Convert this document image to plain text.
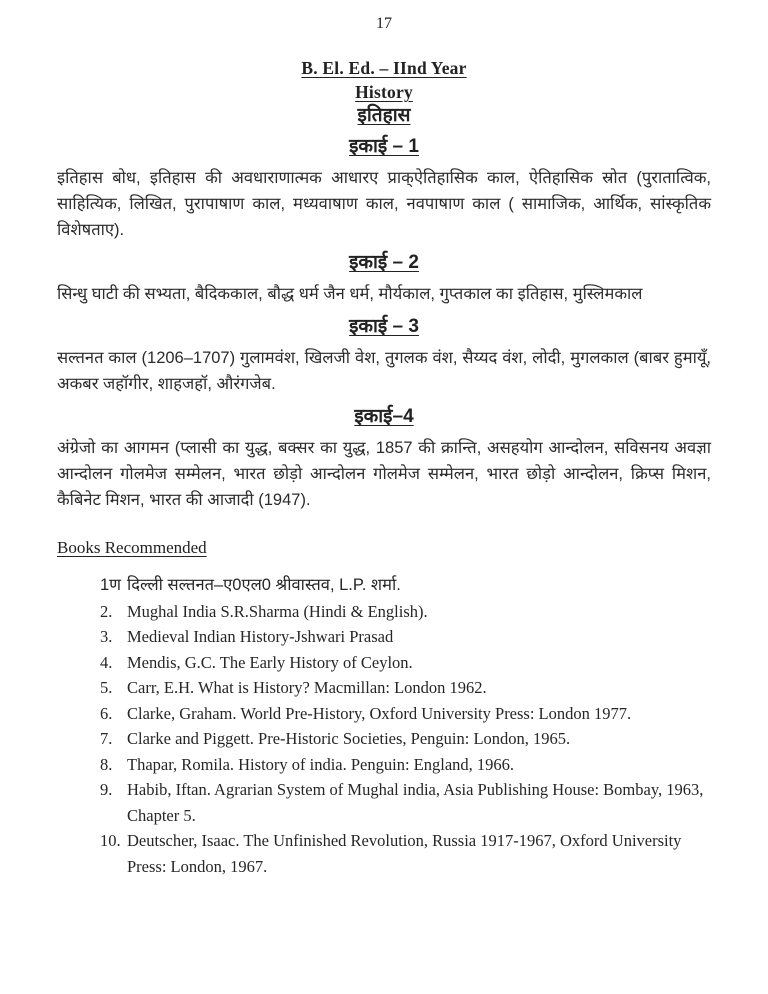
17
B. El. Ed. – IInd Year
History
इतिहास
इकाई – 1

इतिहास बोध, इतिहास की अवधाराणात्मक आधारए प्राक्ऐतिहासिक काल, ऐतिहासिक स्रोत (पुरातात्विक, साहित्यिक, लिखित, पुरापाषाण काल, मध्यवाषाण काल, नवपाषाण काल ( सामाजिक, आर्थिक, सांस्कृतिक विशेषताए).

इकाई – 2

सिन्धु घाटी की सभ्यता, बैदिककाल, बौद्ध धर्म जैन धर्म, मौर्यकाल, गुप्तकाल का इतिहास, मुस्लिमकाल

इकाई – 3

सल्तनत काल (1206–1707) गुलामवंश, खिलजी वेश, तुगलक वंश, सैय्यद वंश, लोदी, मुगलकाल (बाबर हुमायूँ, अकबर जहॉगीर, शाहजहॉ, औरंगजेब.

इकाई–4

अंग्रेजो का आगमन (प्लासी का युद्ध, बक्सर का युद्ध, 1857 की क्रान्ति, असहयोग आन्दोलन, सविसनय अवज्ञा आन्दोलन गोलमेज सम्मेलन, भारत छोड़ो आन्दोलन गोलमेज सम्मेलन, भारत छोड़ो आन्दोलन, क्रिप्स मिशन, कैबिनेट मिशन, भारत की आजादी (1947).

Books Recommended
1ण दिल्ली सल्तनत–ए0एल0 श्रीवास्तव, L.P. शर्मा.
2. Mughal India S.R.Sharma (Hindi & English).
3. Medieval Indian History-Jshwari Prasad
4. Mendis, G.C. The Early History of Ceylon.
5. Carr, E.H. What is History? Macmillan: London 1962.
6. Clarke, Graham. World Pre-History, Oxford University Press: London 1977.
7. Clarke and Piggett. Pre-Historic Societies, Penguin: London, 1965.
8. Thapar, Romila. History of india. Penguin: England, 1966.
9. Habib, Iftan. Agrarian System of Mughal india, Asia Publishing House: Bombay, 1963, Chapter 5.
10. Deutscher, Isaac. The Unfinished Revolution, Russia 1917-1967, Oxford University Press: London, 1967.
